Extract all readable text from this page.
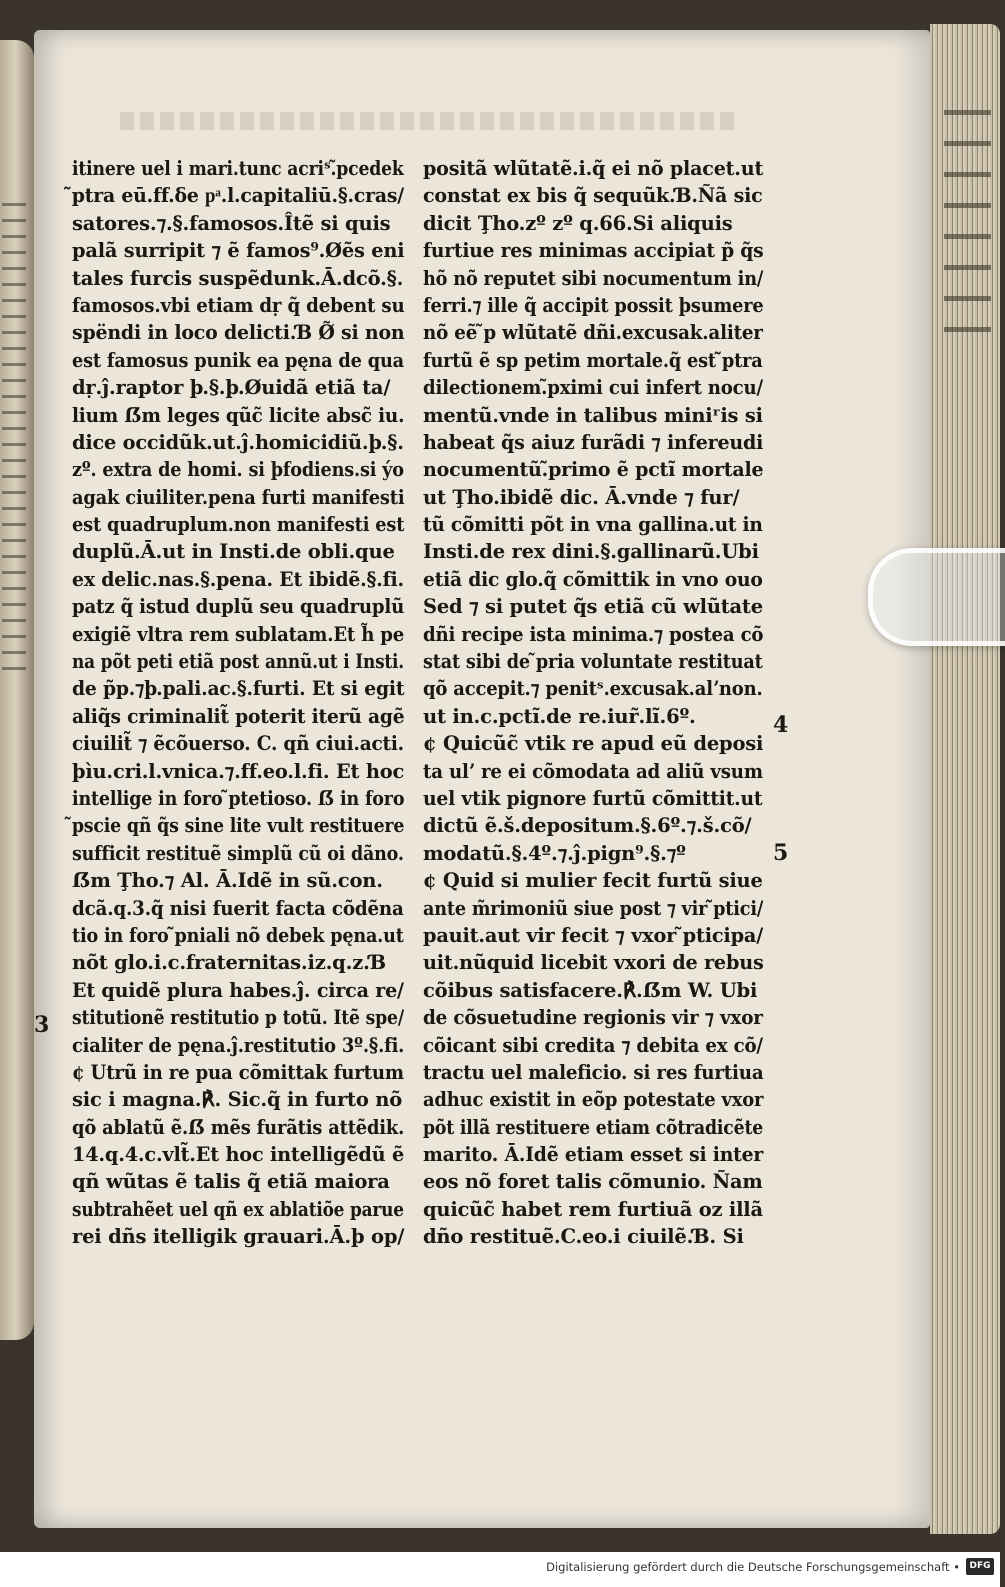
itinere uel i mari.tunc acriˢ.̃pcedek
̃ptra eū.ff.ẟe pͣ.l.capitaliū.§.cras/
satores.⁊.§.famosos.Îtẽ si quis
palã surripit ⁊ ẽ famos⁹.Øẽs eni
tales furcis suspẽdunk.Ā.dcõ.§.
famosos.vbi etiam dṛ q̃ debent su
spëndi in loco delicti.Ɓ Ø̃ si non
est famosus punik ea pęna de qua
dṛ.ĵ.raptor þ.§.þ.Øuidã etiã ta/
lium ẞm leges qũc̃ licite absc̃ iu.
dice occidũk.ut.ĵ.homicidiũ.þ.§.
zº. extra de homi. si þfodiens.si ýo
agak ciuiliter.pena furti manifesti
est quadruplum.non manifesti est
duplũ.Ā.ut in Insti.de obli.que
ex delic.nas.§.pena. Et ibidẽ.§.fi.
patz q̃ istud duplũ seu quadruplũ
exigiẽ vltra rem sublatam.Et h̃ pe
na põt peti etiã post annũ.ut i Insti.
de p̃p.⁊þ.pali.ac.§.furti. Et si egit
aliq̃s criminalit̃ poterit iterũ agẽ
ciuilit̃ ⁊ ẽcõuerso. C. qñ ciui.acti.
þìu.cri.l.vnica.⁊.ff.eo.l.fi. Et hoc
intellige in foro ̃ptetioso. ẞ in foro
̃pscie qñ q̃s sine lite vult restituere
sufficit restituẽ simplũ cũ oi dãno.
ẞm Ţho.⁊ Al. Ā.Idẽ in sũ.con.
dcã.q.3.q̃ nisi fuerit facta cõdẽna
tio in foro ̃pniali nõ debek pęna.ut
nõt glo.i.c.fraternitas.iz.q.z.Ɓ
Et quidẽ plura habes.ĵ. circa re/
stitutionẽ restitutio p totũ. Itẽ spe/
cialiter de pęna.ĵ.restitutio 3º.§.fi.
¢ Utrũ in re pua cõmittak furtum
sic i magna.℟. Sic.q̃ in furto nõ
qõ ablatũ ẽ.ẞ mẽs furãtis attẽdik.
14.q.4.c.vlt̃.Et hoc intelligẽdũ ẽ
qñ wũtas ẽ talis q̃ etiã maiora
subtrahẽet uel qñ ex ablatiõe parue
rei dñs itelligik grauari.Ā.þ op/
positã wlũtatẽ.i.q̃ ei nõ placet.ut
constat ex bis q̃ sequũk.Ɓ.Ñã sic
dicit Ţho.zº zº q.66.Si aliquis
furtiue res minimas accipiat p̃ q̃s
hõ nõ reputet sibi nocumentum in/
ferri.⁊ ille q̃ accipit possit þsumere
nõ eẽ ̃p wlũtatẽ dñi.excusak.aliter
furtũ ẽ sp petim mortale.q̃ est ̃ptra
dilectionem.̃pximi cui infert nocu/
mentũ.vnde in talibus miniʳis si
habeat q̃s aiuz furãdi ⁊ infereudi
nocumentũ.̃primo ẽ pctĩ mortale
ut Ţho.ibidẽ dic. Ā.vnde ⁊ fur/
tũ cõmitti põt in vna gallina.ut in
Insti.de rex dini.§.gallinarũ.Ubi
etiã dic glo.q̃ cõmittik in vno ouo
Sed ⁊ si putet q̃s etiã cũ wlũtate
dñi recipe ista minima.⁊ postea cõ
stat sibi de ̃pria voluntate restituat
qõ accepit.⁊ penitˢ.excusak.alʼnon.
ut in.c.pctĩ.de re.iur̃.lĩ.6º.
¢ Quicũc̃ vtik re apud eũ deposi
ta ulʼ re ei cõmodata ad aliũ vsum
uel vtik pignore furtũ cõmittit.ut
dictũ ẽ.š.depositum.§.6º.⁊.š.cõ/
modatũ.§.4º.⁊.ĵ.pign⁹.§.⁊º
¢ Quid si mulier fecit furtũ siue
ante m̃rimoniũ siue post ⁊ vir ̃ptici/
pauit.aut vir fecit ⁊ vxor ̃pticipa/
uit.nũquid licebit vxori de rebus
cõibus satisfacere.℟.ẞm W. Ubi
de cõsuetudine regionis vir ⁊ vxor
cõicant sibi credita ⁊ debita ex cõ/
tractu uel maleficio. si res furtiua
adhuc existit in eõp potestate vxor
põt illã restituere etiam cõtradicẽte
marito. Ā.Idẽ etiam esset si inter
eos nõ foret talis cõmunio. Ñam
quicũc̃ habet rem furtiuã oz illã
dño restituẽ.C.eo.i ciuilẽ.Ɓ. Si
3
4
5
Digitalisierung gefördert durch die Deutsche Forschungsgemeinschaft •	DFG
